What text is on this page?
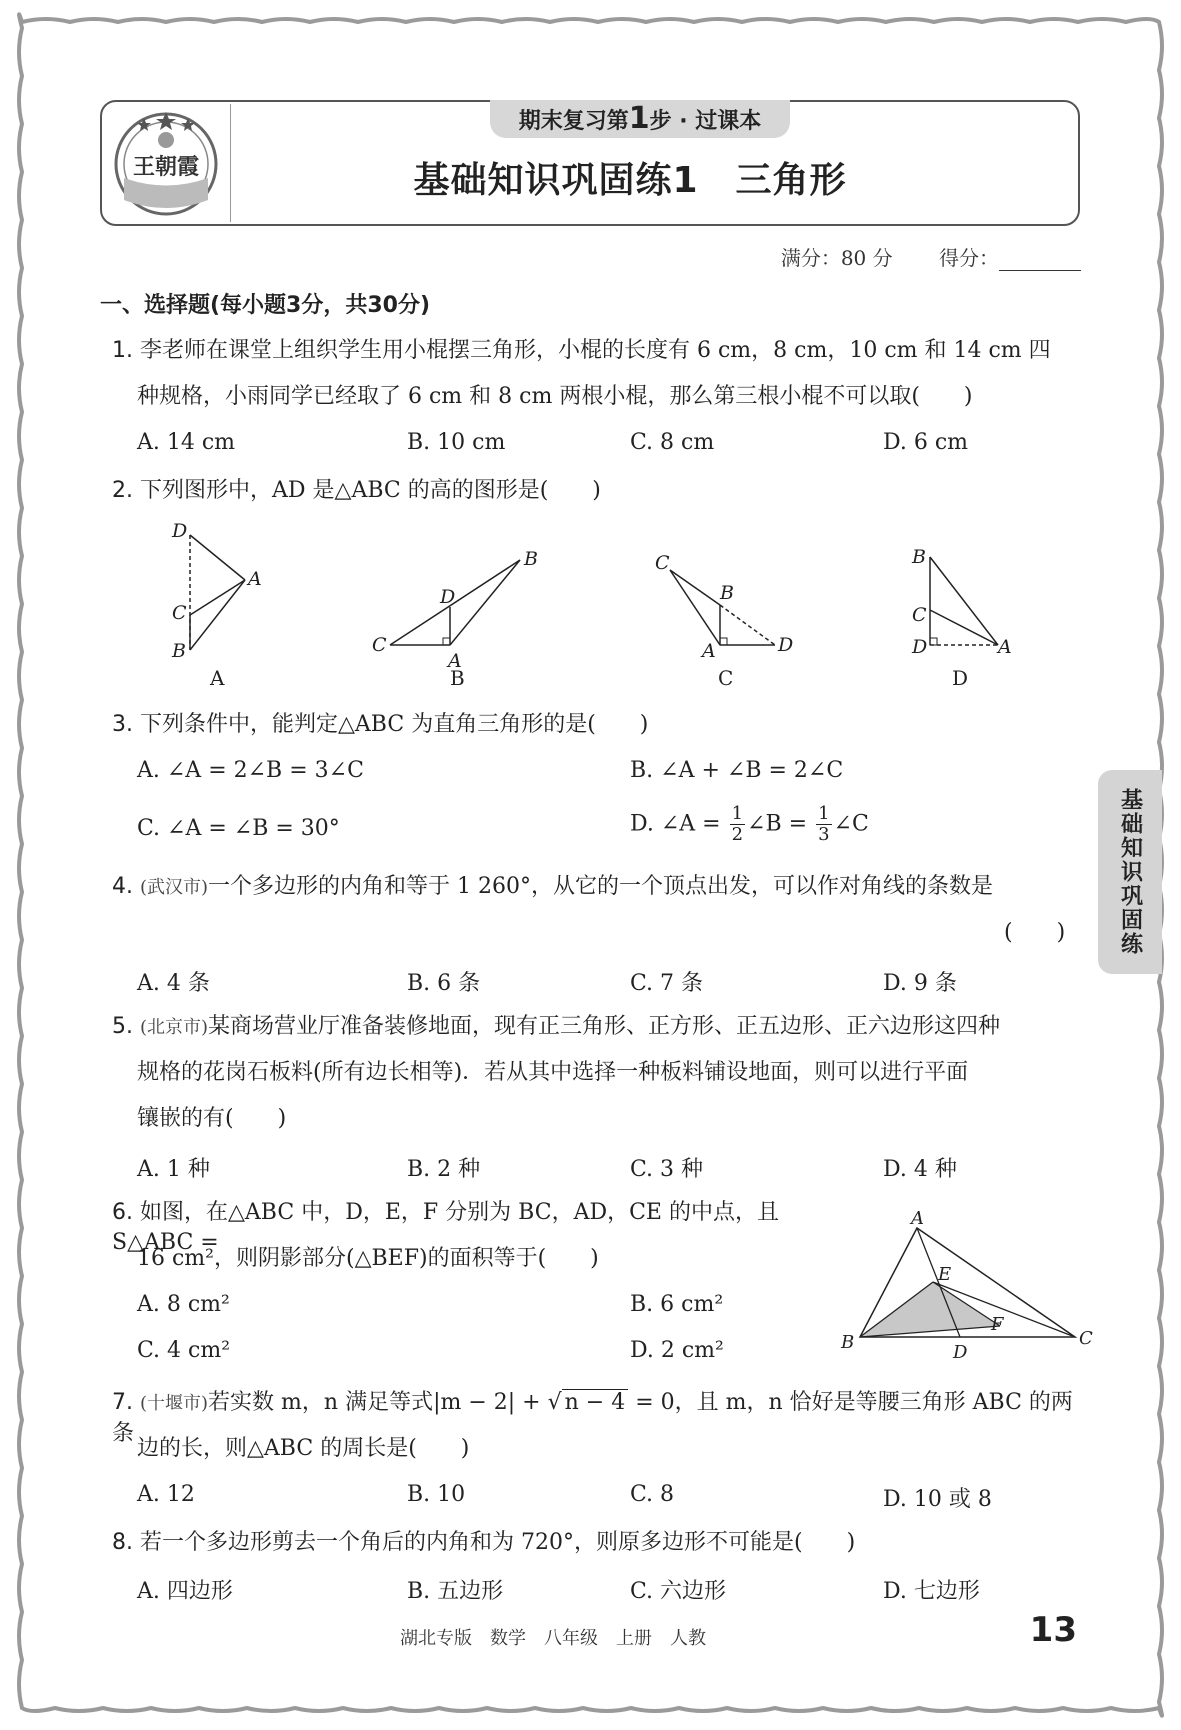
王朝霞
期末复习第1步 · 过课本
基础知识巩固练1　三角形
满分：80 分　　 得分：
一、选择题(每小题3分，共30分)
1. 李老师在课堂上组织学生用小棍摆三角形，小棍的长度有 6 cm，8 cm，10 cm 和 14 cm 四
种规格，小雨同学已经取了 6 cm 和 8 cm 两根小棍，那么第三根小棍不可以取(　　)
A. 14 cm	B. 10 cm	C. 8 cm	D. 6 cm
2. 下列图形中，AD 是△ABC 的高的图形是(　　)
D
A
C
B	C
D
A
B	C
B
A	D
B
C
D	A
A	B	C	D
3. 下列条件中，能判定△ABC 为直角三角形的是(　　)
A. ∠A = 2∠B = 3∠C	B. ∠A + ∠B = 2∠C
C. ∠A = ∠B = 30°	D. ∠A = $\frac{1}{2}$ ∠B = $\frac{1}{3}$ ∠C
4. (武汉市)一个多边形的内角和等于 1 260°，从它的一个顶点出发，可以作对角线的条数是
(　　)
A. 4 条	B. 6 条	C. 7 条	D. 9 条
5. (北京市)某商场营业厅准备装修地面，现有正三角形、正方形、正五边形、正六边形这四种
规格的花岗石板料(所有边长相等)．若从其中选择一种板料铺设地面，则可以进行平面
镶嵌的有(　　)
A. 1 种	B. 2 种	C. 3 种	D. 4 种
6. 如图，在△ABC 中，D，E，F 分别为 BC，AD，CE 的中点，且 S△ABC =
16 cm²，则阴影部分(△BEF)的面积等于(　　)
A. 8 cm²	B. 6 cm²
C. 4 cm²	D. 2 cm²
A
E
F
B	D
C
7. (十堰市)若实数 m，n 满足等式|m − 2| + √ n − 4 = 0，且 m，n 恰好是等腰三角形 ABC 的两条
边的长，则△ABC 的周长是(　　)
A. 12	B. 10	C. 8	D. 10 或 8
8. 若一个多边形剪去一个角后的内角和为 720°，则原多边形不可能是(　　)
A. 四边形	B. 五边形	C. 六边形	D. 七边形
基础知识巩固练
湖北专版　数学　八年级　上册　人教	13
